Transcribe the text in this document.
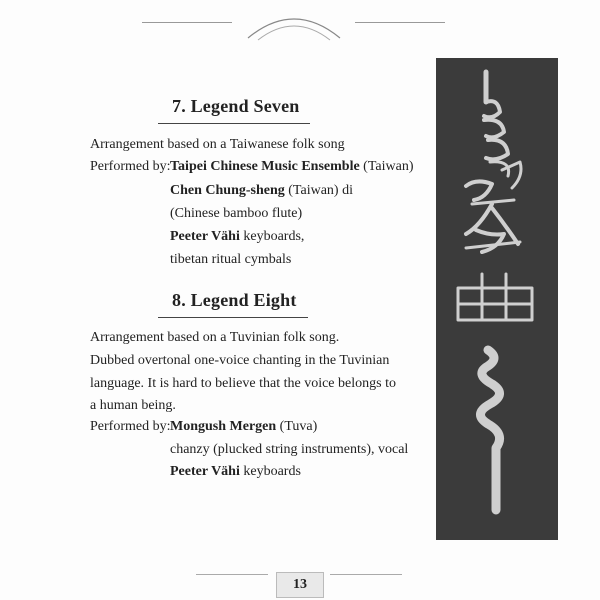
7. Legend Seven
Arrangement based on a Taiwanese folk song
Performed by: Taipei Chinese Music Ensemble (Taiwan)
Chen Chung-sheng (Taiwan) di
(Chinese bamboo flute)
Peeter Vähi keyboards,
tibetan ritual cymbals
8. Legend Eight
Arrangement based on a Tuvinian folk song.
Dubbed overtonal one-voice chanting in the Tuvinian
language. It is hard to believe that the voice belongs to
a human being.
Performed by: Mongush Mergen (Tuva)
chanzy (plucked string instruments), vocal
Peeter Vähi keyboards
13
